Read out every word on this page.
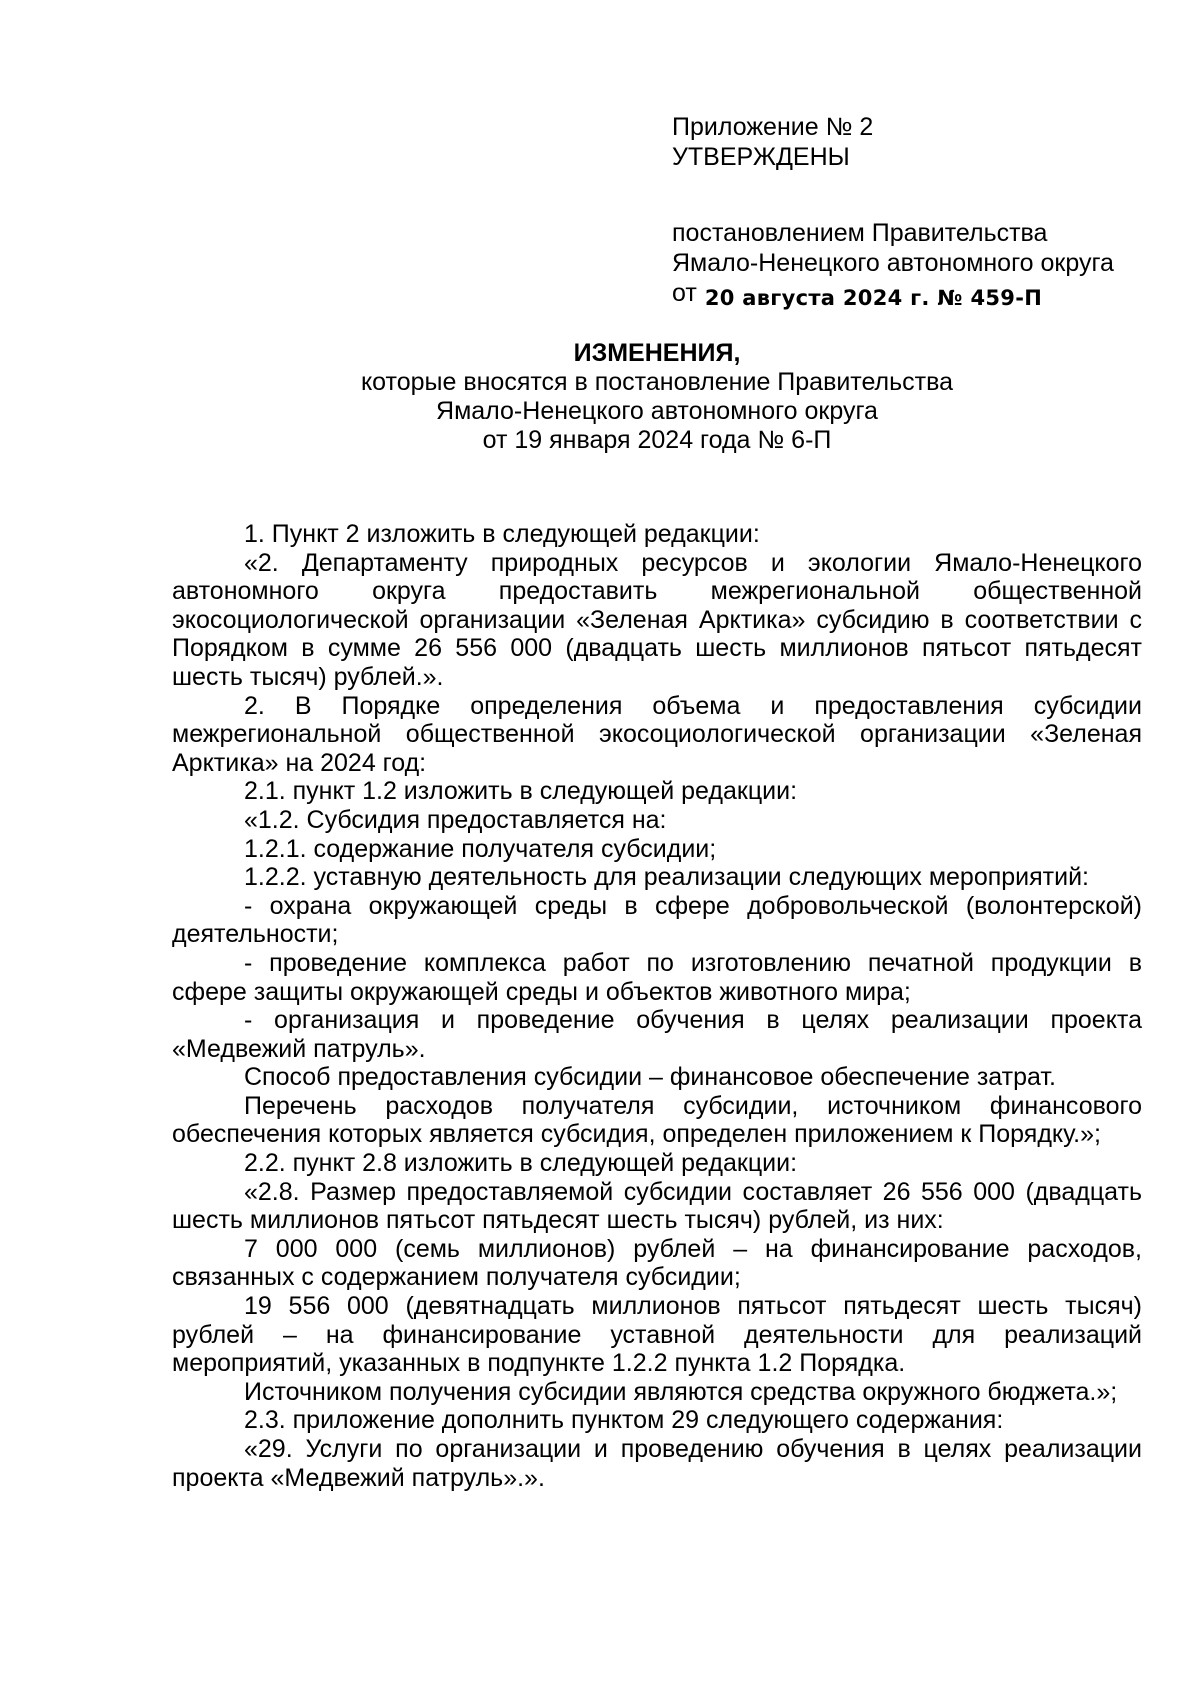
Приложение № 2
УТВЕРЖДЕНЫ
постановлением Правительства
Ямало-Ненецкого автономного округа
от 20 августа 2024 г. № 459-П
ИЗМЕНЕНИЯ,
которые вносятся в постановление Правительства
Ямало-Ненецкого автономного округа
от 19 января 2024 года № 6-П

1. Пункт 2 изложить в следующей редакции:

«2. Департаменту природных ресурсов и экологии Ямало-Ненецкого автономного округа предоставить межрегиональной общественной экосоциологической организации «Зеленая Арктика» субсидию в соответствии с Порядком в сумме 26 556 000 (двадцать шесть миллионов пятьсот пятьдесят шесть тысяч) рублей.».

2. В Порядке определения объема и предоставления субсидии межрегиональной общественной экосоциологической организации «Зеленая Арктика» на 2024 год:

2.1. пункт 1.2 изложить в следующей редакции:

«1.2. Субсидия предоставляется на:

1.2.1. содержание получателя субсидии;

1.2.2. уставную деятельность для реализации следующих мероприятий:

- охрана окружающей среды в сфере добровольческой (волонтерской) деятельности;

- проведение комплекса работ по изготовлению печатной продукции в сфере защиты окружающей среды и объектов животного мира;

- организация и проведение обучения в целях реализации проекта «Медвежий патруль».

Способ предоставления субсидии – финансовое обеспечение затрат.

Перечень расходов получателя субсидии, источником финансового обеспечения которых является субсидия, определен приложением к Порядку.»;

2.2. пункт 2.8 изложить в следующей редакции:

«2.8. Размер предоставляемой субсидии составляет 26 556 000 (двадцать шесть миллионов пятьсот пятьдесят шесть тысяч) рублей, из них:

7 000 000 (семь миллионов) рублей – на финансирование расходов, связанных с содержанием получателя субсидии;

19 556 000 (девятнадцать миллионов пятьсот пятьдесят шесть тысяч) рублей – на финансирование уставной деятельности для реализаций мероприятий, указанных в подпункте 1.2.2 пункта 1.2 Порядка.

Источником получения субсидии являются средства окружного бюджета.»;

2.3. приложение дополнить пунктом 29 следующего содержания:

«29. Услуги по организации и проведению обучения в целях реализации проекта «Медвежий патруль».».
